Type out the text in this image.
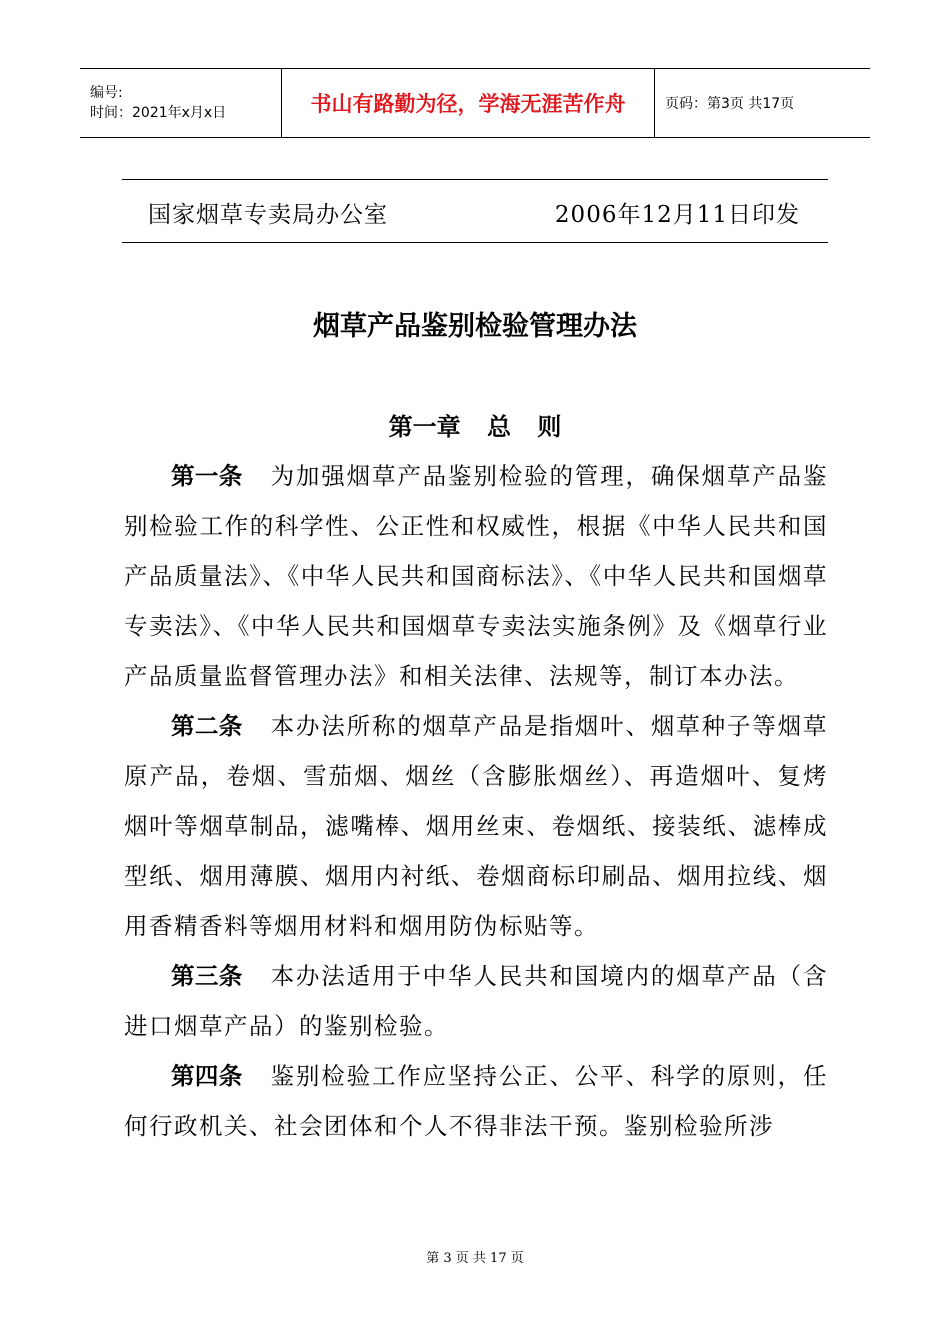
编号:
时间：2021年x月x日	书山有路勤为径，学海无涯苦作舟	页码：第3页 共17页
国家烟草专卖局办公室	2006年12月11日印发
烟草产品鉴别检验管理办法
第一章 总 则

第一条 为加强烟草产品鉴别检验的管理，确保烟草产品鉴别检验工作的科学性、公正性和权威性，根据《中华人民共和国产品质量法》、《中华人民共和国商标法》、《中华人民共和国烟草专卖法》、《中华人民共和国烟草专卖法实施条例》及《烟草行业产品质量监督管理办法》和相关法律、法规等，制订本办法。

第二条 本办法所称的烟草产品是指烟叶、烟草种子等烟草原产品，卷烟、雪茄烟、烟丝（含膨胀烟丝）、再造烟叶、复烤烟叶等烟草制品，滤嘴棒、烟用丝束、卷烟纸、接装纸、滤棒成型纸、烟用薄膜、烟用内衬纸、卷烟商标印刷品、烟用拉线、烟用香精香料等烟用材料和烟用防伪标贴等。

第三条 本办法适用于中华人民共和国境内的烟草产品（含进口烟草产品）的鉴别检验。

第四条 鉴别检验工作应坚持公正、公平、科学的原则，任何行政机关、社会团体和个人不得非法干预。鉴别检验所涉

第 3 页 共 17 页
